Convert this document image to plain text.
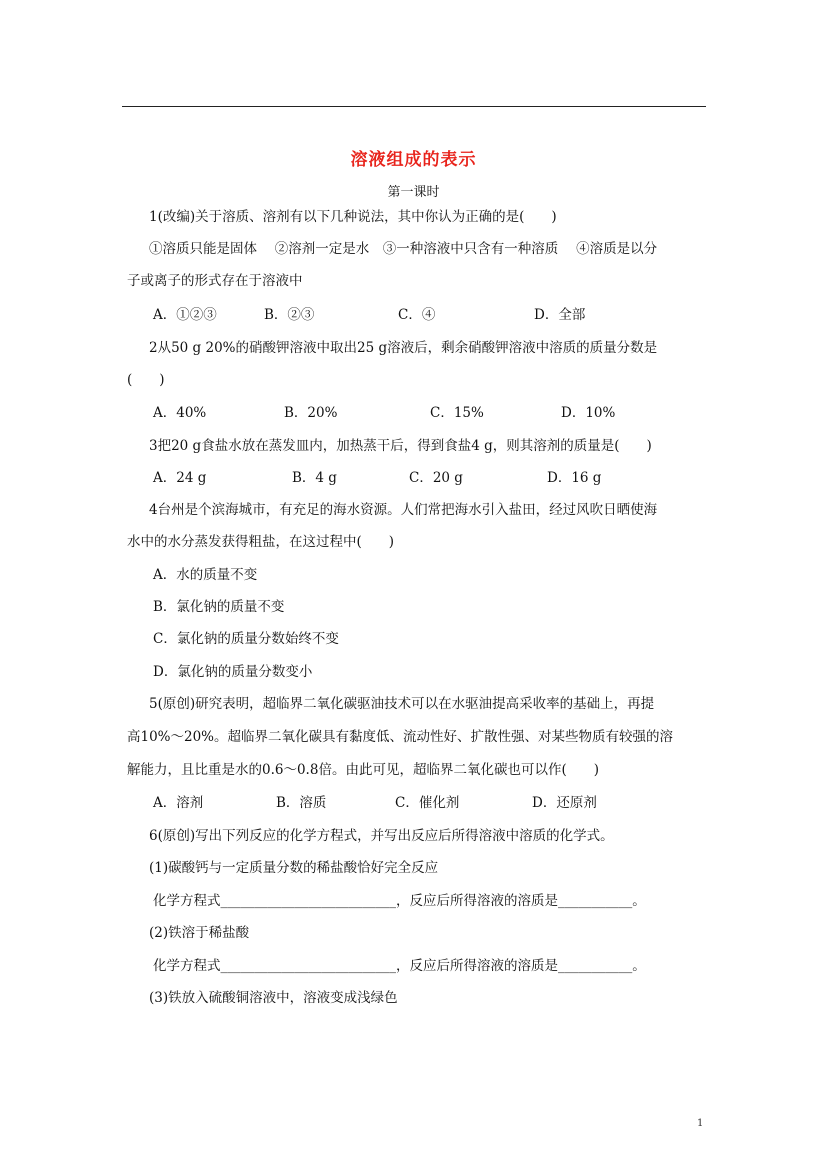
溶液组成的表示
第一课时
1(改编)关于溶质、溶剂有以下几种说法，其中你认为正确的是(　　)
①溶质只能是固体　 ②溶剂一定是水　③一种溶液中只含有一种溶质　 ④溶质是以分
子或离子的形式存在于溶液中
A．①②③	B．②③	C．④	D．全部
2从50 g 20%的硝酸钾溶液中取出25 g溶液后，剩余硝酸钾溶液中溶质的质量分数是
(　　)
A．40%	B．20%	C．15%	D．10%
3把20 g食盐水放在蒸发皿内，加热蒸干后，得到食盐4 g，则其溶剂的质量是(　　)
A．24 g	B．4 g	C．20 g	D．16 g
4台州是个滨海城市，有充足的海水资源。人们常把海水引入盐田，经过风吹日晒使海
水中的水分蒸发获得粗盐，在这过程中(　　)
A．水的质量不变
B．氯化钠的质量不变
C．氯化钠的质量分数始终不变
D．氯化钠的质量分数变小
5(原创)研究表明，超临界二氧化碳驱油技术可以在水驱油提高采收率的基础上，再提
高10%～20%。超临界二氧化碳具有黏度低、流动性好、扩散性强、对某些物质有较强的溶
解能力，且比重是水的0.6～0.8倍。由此可见，超临界二氧化碳也可以作(　　)
A．溶剂	B．溶质	C．催化剂	D．还原剂
6(原创)写出下列反应的化学方程式，并写出反应后所得溶液中溶质的化学式。
(1)碳酸钙与一定质量分数的稀盐酸恰好完全反应
化学方程式__________________________，反应后所得溶液的溶质是___________。
(2)铁溶于稀盐酸
化学方程式__________________________，反应后所得溶液的溶质是___________。
(3)铁放入硫酸铜溶液中，溶液变成浅绿色
1
